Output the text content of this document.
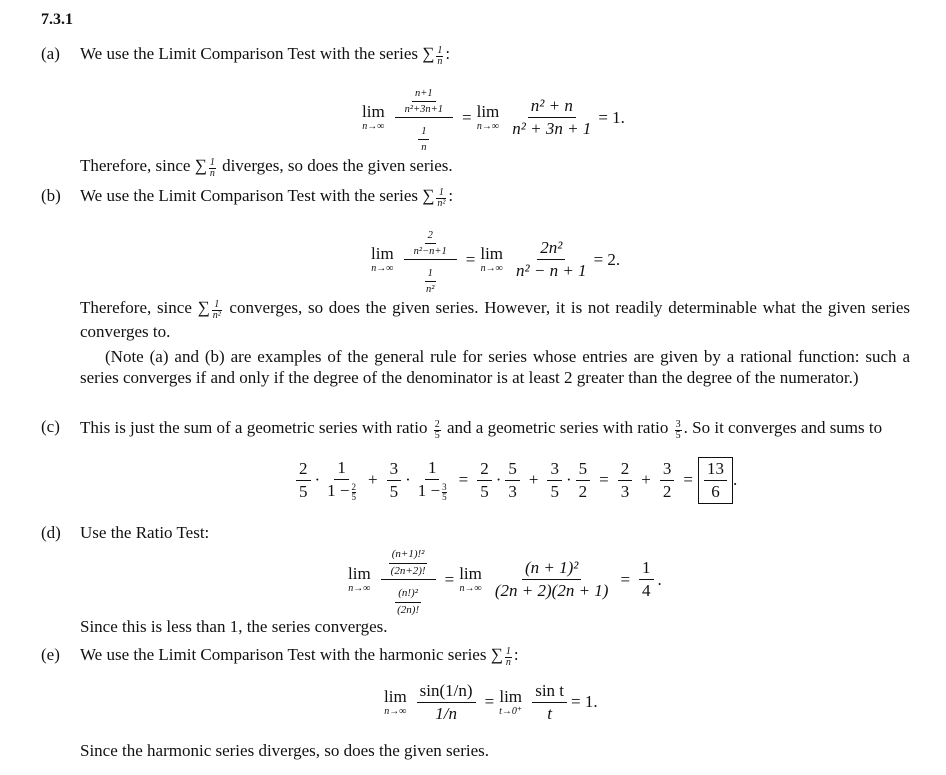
7.3.1
(a) We use the Limit Comparison Test with the series ∑ $\frac{1}{n}$ :
lim
$n\to\infty \frac{\frac{n+1}{\text{n²+3n+1}}}{\frac{1}{n}} = \lim$
$n\to\infty \frac{\text{n² + n}}{\text{n² + 3n + 1}} = 1$.
Therefore, since ∑ $\frac{1}{n}$ diverges, so does the given series.
(b) We use the Limit Comparison Test with the series ∑ $\frac{1}{\text{n²}}$ :
lim
$n\to\infty \frac{\frac{2}{\text{n²−n+1}}}{\frac{1}{\text{n²}}} = \lim$
$n\to\infty \frac{\text{2n²}}{\text{n² − n + 1}} = 2$.
Therefore, since ∑ $\frac{1}{\text{n²}}$ converges, so does the given series. However, it is not readily determinable what the given series converges to.
(Note (a) and (b) are examples of the general rule for series whose entries are given by a rational function: such a series converges if and only if the degree of the denominator is at least 2 greater than the degree of the numerator.)
(c) This is just the sum of a geometric series with ratio $\frac{2}{5}$ and a geometric series with ratio $\frac{3}{5}$ . So it converges and sums to
$\frac{2}{5} \cdot \frac{1}{1 - \frac{2}{5}} + \frac{3}{5} \cdot \frac{1}{1 - \frac{3}{5}} = \frac{2}{5} \cdot \frac{5}{3} + \frac{3}{5} \cdot \frac{5}{2} = \frac{2}{3} + \frac{3}{2} = \frac{13}{6}$ .
(d) Use the Ratio Test:
lim
$n\to\infty \frac{\frac{\text{(n+1)!²}}{(2n+2)!}}{\frac{\text{(n!)²}}{(2n)!}} = \lim$
$n\to\infty \frac{\text{(n + 1)²}}{(2n + 2)(2n + 1)} = \frac{1}{4}$ .
Since this is less than 1, the series converges.
(e) We use the Limit Comparison Test with the harmonic series ∑ $\frac{1}{n}$ :
lim
$n\to\infty \frac{\sin(1/n)}{1/n} = \lim$
$t\to 0^+ \frac{\text{sin t}}{t} = 1$.
Since the harmonic series diverges, so does the given series.
